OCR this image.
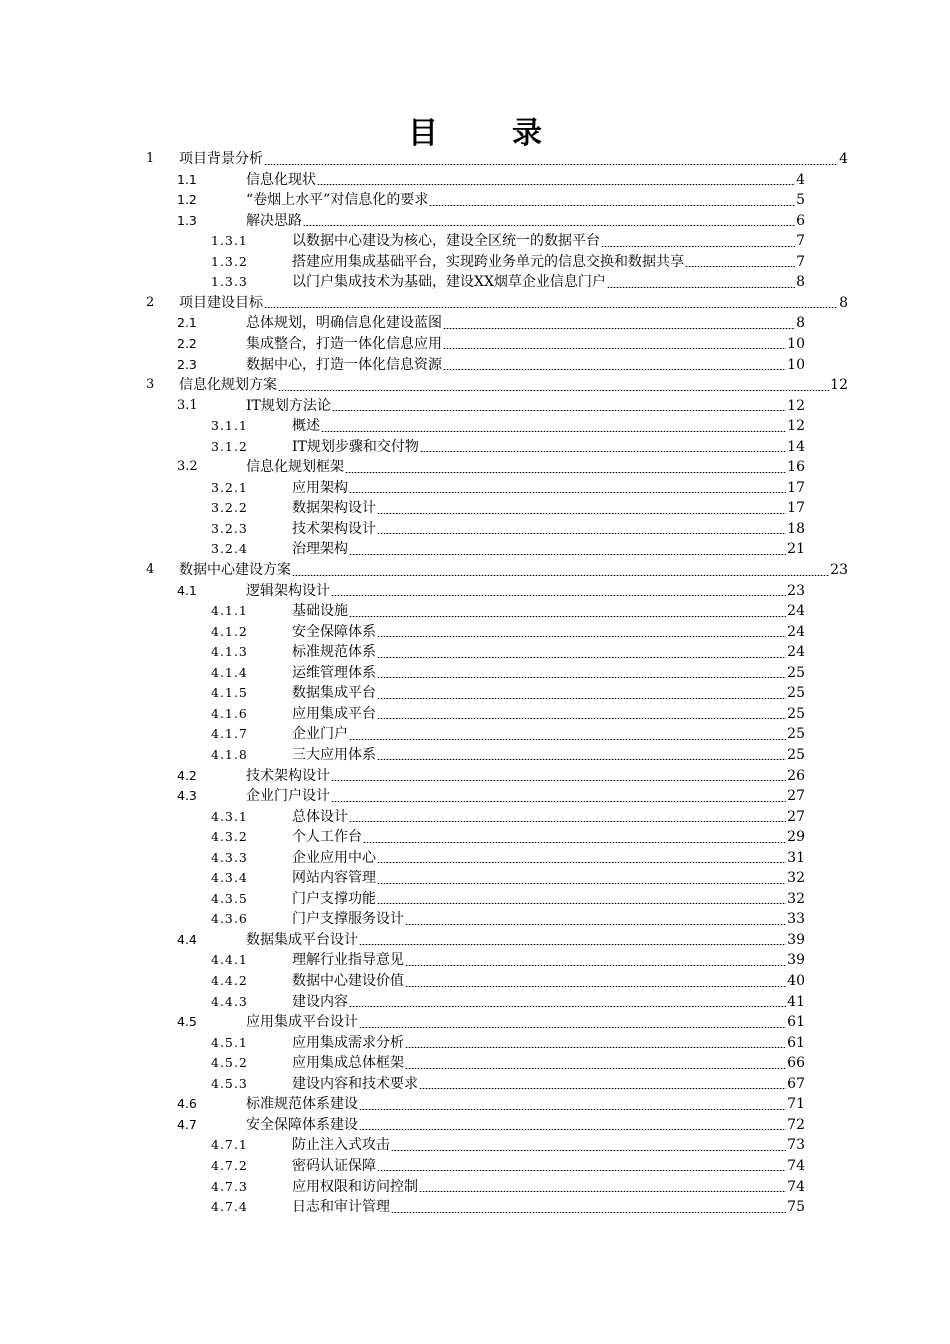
目　录
1 项目背景分析	4
1.1	信息化现状	4
1.2	“卷烟上水平”对信息化的要求	5
1.3	解决思路	6
1.3.1	以数据中心建设为核心，建设全区统一的数据平台	7
1.3.2	搭建应用集成基础平台，实现跨业务单元的信息交换和数据共享	7
1.3.3	以门户集成技术为基础，建设XX烟草企业信息门户	8
2 项目建设目标	8
2.1	总体规划，明确信息化建设蓝图	8
2.2	集成整合，打造一体化信息应用	10
2.3	数据中心，打造一体化信息资源	10
3 信息化规划方案	12
3.1	IT规划方法论	12
3.1.1	概述	12
3.1.2	IT规划步骤和交付物	14
3.2	信息化规划框架	16
3.2.1	应用架构	17
3.2.2	数据架构设计	17
3.2.3	技术架构设计	18
3.2.4	治理架构	21
4 数据中心建设方案	23
4.1	逻辑架构设计	23
4.1.1	基础设施	24
4.1.2	安全保障体系	24
4.1.3	标准规范体系	24
4.1.4	运维管理体系	25
4.1.5	数据集成平台	25
4.1.6	应用集成平台	25
4.1.7	企业门户	25
4.1.8	三大应用体系	25
4.2	技术架构设计	26
4.3	企业门户设计	27
4.3.1	总体设计	27
4.3.2	个人工作台	29
4.3.3	企业应用中心	31
4.3.4	网站内容管理	32
4.3.5	门户支撑功能	32
4.3.6	门户支撑服务设计	33
4.4	数据集成平台设计	39
4.4.1	理解行业指导意见	39
4.4.2	数据中心建设价值	40
4.4.3	建设内容	41
4.5	应用集成平台设计	61
4.5.1	应用集成需求分析	61
4.5.2	应用集成总体框架	66
4.5.3	建设内容和技术要求	67
4.6	标准规范体系建设	71
4.7	安全保障体系建设	72
4.7.1	防止注入式攻击	73
4.7.2	密码认证保障	74
4.7.3	应用权限和访问控制	74
4.7.4	日志和审计管理	75
